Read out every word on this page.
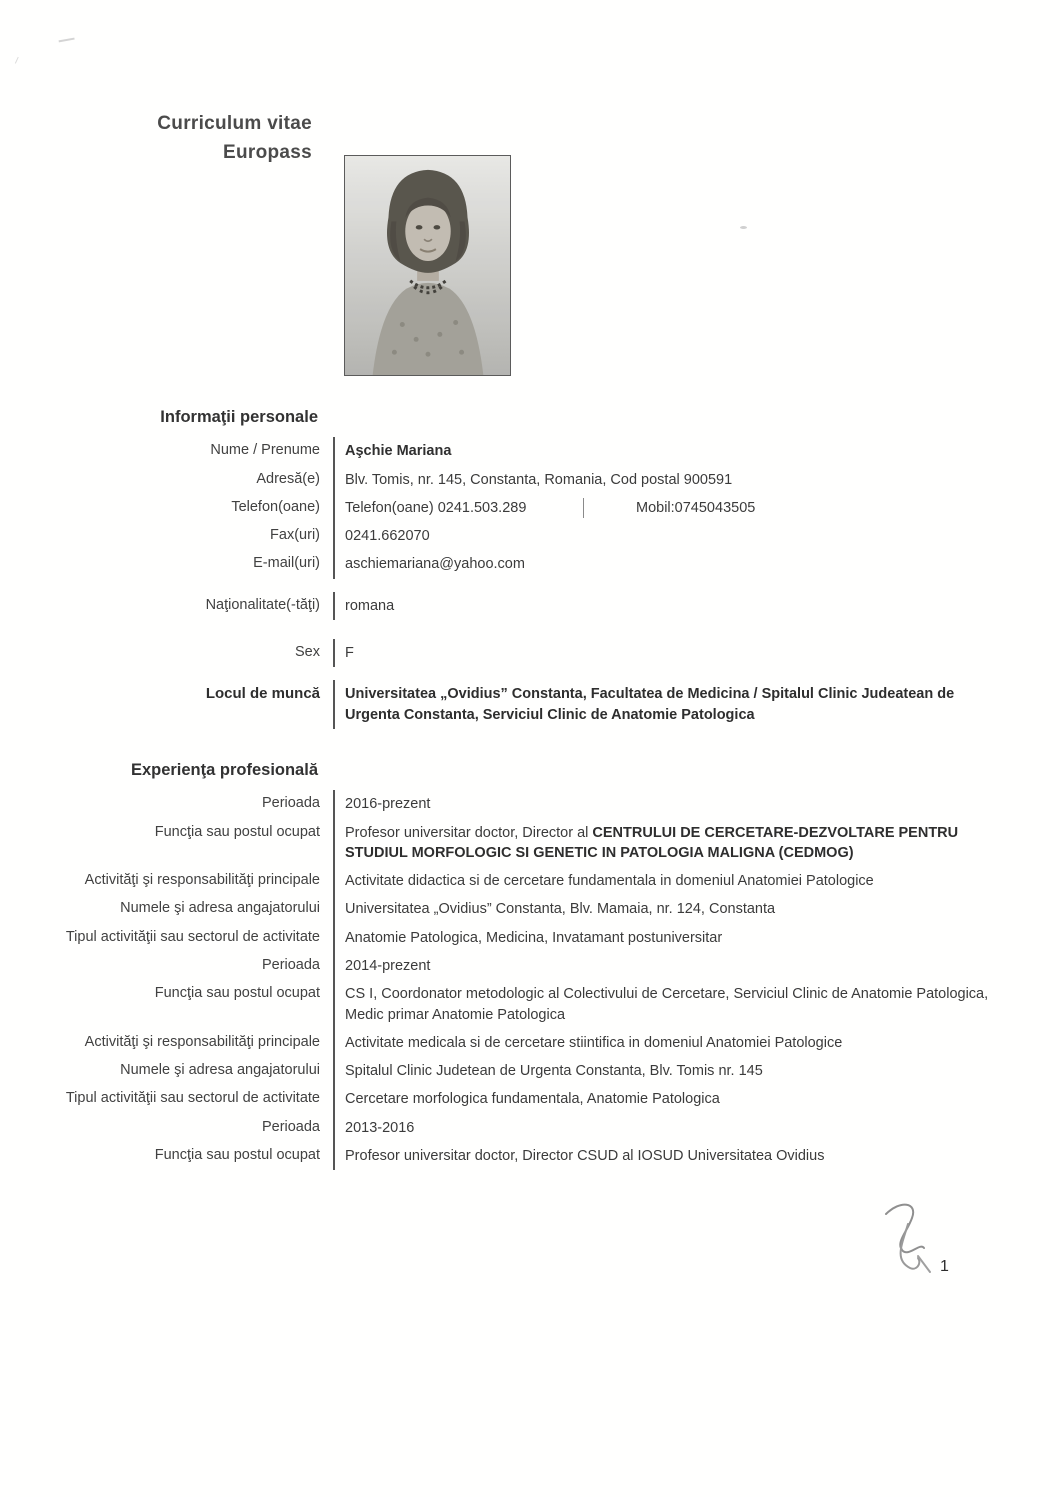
Curriculum vitae
Europass
Informaţii personale
Nume / Prenume	Aşchie Mariana
Adresă(e)	Blv. Tomis, nr. 145, Constanta, Romania, Cod postal 900591
Telefon(oane)	Telefon(oane) 0241.503.289	Mobil:0745043505
Fax(uri)	0241.662070
E-mail(uri)	aschiemariana@yahoo.com
Naţionalitate(-tăţi)	romana
Sex	F
Locul de muncă	Universitatea „Ovidius” Constanta, Facultatea de Medicina / Spitalul Clinic Judeatean de Urgenta Constanta, Serviciul Clinic de Anatomie Patologica
Experienţa profesională
Perioada	2016-prezent
Funcţia sau postul ocupat	Profesor universitar doctor, Director al CENTRULUI DE CERCETARE-DEZVOLTARE PENTRU STUDIUL MORFOLOGIC SI GENETIC IN PATOLOGIA MALIGNA (CEDMOG)
Activităţi şi responsabilităţi principale	Activitate didactica si de cercetare fundamentala in domeniul Anatomiei Patologice
Numele şi adresa angajatorului	Universitatea „Ovidius” Constanta, Blv. Mamaia, nr. 124, Constanta
Tipul activităţii sau sectorul de activitate	Anatomie Patologica, Medicina, Invatamant postuniversitar
Perioada	2014-prezent
Funcţia sau postul ocupat	CS I, Coordonator metodologic al Colectivului de Cercetare, Serviciul Clinic de Anatomie Patologica, Medic primar Anatomie Patologica
Activităţi şi responsabilităţi principale	Activitate medicala si de cercetare stiintifica in domeniul Anatomiei Patologice
Numele şi adresa angajatorului	Spitalul Clinic Judetean de Urgenta Constanta, Blv. Tomis nr. 145
Tipul activităţii sau sectorul de activitate	Cercetare morfologica fundamentala, Anatomie Patologica
Perioada	2013-2016
Funcţia sau postul ocupat	Profesor universitar doctor, Director CSUD al IOSUD Universitatea Ovidius
1
